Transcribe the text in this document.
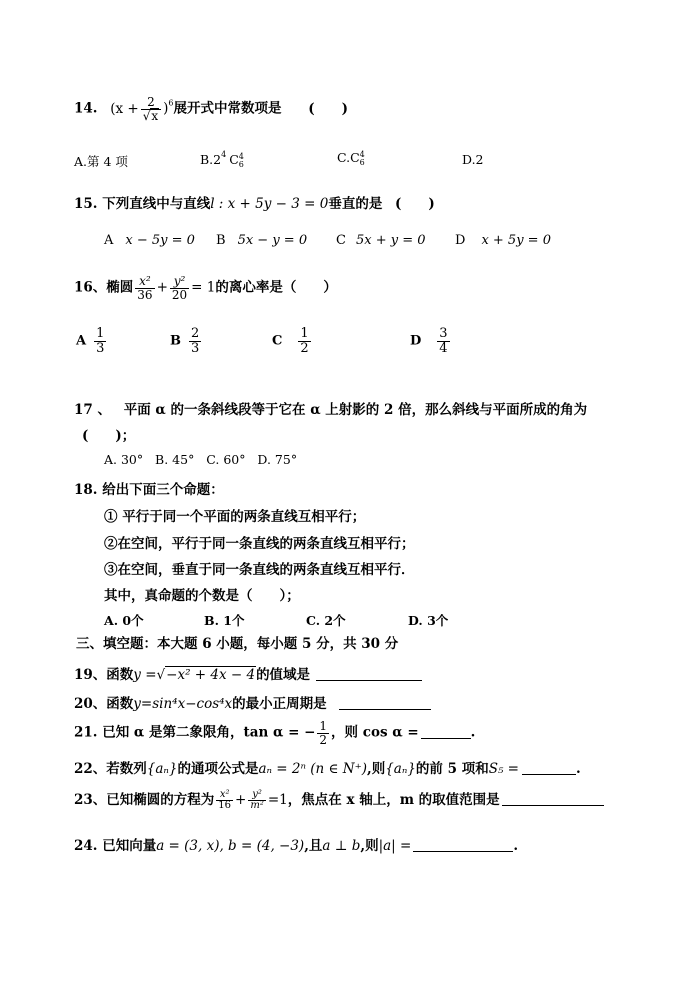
14. $(x + \frac{2}{√x} )^6$展开式中常数项是 (　　)
A.第 4 项	$B.2^4$ C 4
6	C.C 4
6	D.2
15. 下列直线中与直线l : x + 5y − 3 = 0垂直的是 (　　)
A x − 5y = 0 B 5x − y = 0 C 5x + y = 0 D x + 5y = 0
16、椭圆 $\frac{\text{x²}}{36} + \frac{\text{y²}}{20} = 1$的离心率是（　　）
A $\frac{1}{3}$	B $\frac{2}{3}$	C $\frac{1}{2}$	D $\frac{3}{4}$
17 、 平面 α 的一条斜线段等于它在 α 上射影的 2 倍，那么斜线与平面所成的角为
(　　)；
A. 30°   B. 45°   C. 60°   D. 75°
18. 给出下面三个命题：
① 平行于同一个平面的两条直线互相平行；
②在空间，平行于同一条直线的两条直线互相平行；
③在空间，垂直于同一条直线的两条直线互相平行．
其中，真命题的个数是（　　）；
A. 0个	B. 1个	C. 2个	D. 3个
三、填空题：本大题 6 小题，每小题 5 分，共 30 分
19、函数y =√−x² + 4x − 4的值域是
20、函数y=sin⁴x−cos⁴x的最小正周期是
21. 已知 α 是第二象限角，tan α = − $\frac{1}{2}$ ，则 cos α =	.
22、若数列{aₙ}的通项公式是aₙ = 2ⁿ (n ∈ N⁺),则{aₙ}的前 5 项和S₅ =	.
23、已知椭圆的方程为 $\frac{\text{x²}}{16} + \frac{\text{y²}}{\text{m²}} =1$，焦点在 x 轴上，m 的取值范围是
24. 已知向量a = (3, x), b = (4, −3),且a ⊥ b,则|a| =	.
